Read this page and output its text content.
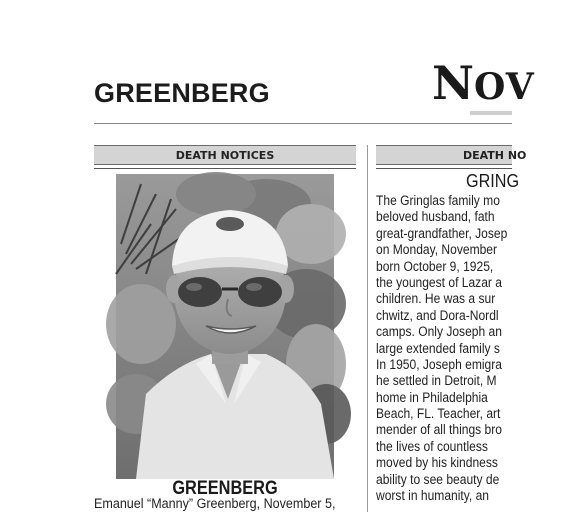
GREENBERG	NOV
DEATH NOTICES	DEATH NO
GREENBERG
Emanuel “Manny” Greenberg, November 5,
GRING
The Gringlas family mo
beloved husband, fath
great-grandfather, Josep
on Monday, November
born October 9, 1925,
the youngest of Lazar a
children. He was a sur
chwitz, and Dora-Nordl
camps. Only Joseph an
large extended family s
In 1950, Joseph emigra
he settled in Detroit, M
home in Philadelphia
Beach, FL. Teacher, art
mender of all things bro
the lives of countless
moved by his kindness
ability to see beauty de
worst in humanity, an
